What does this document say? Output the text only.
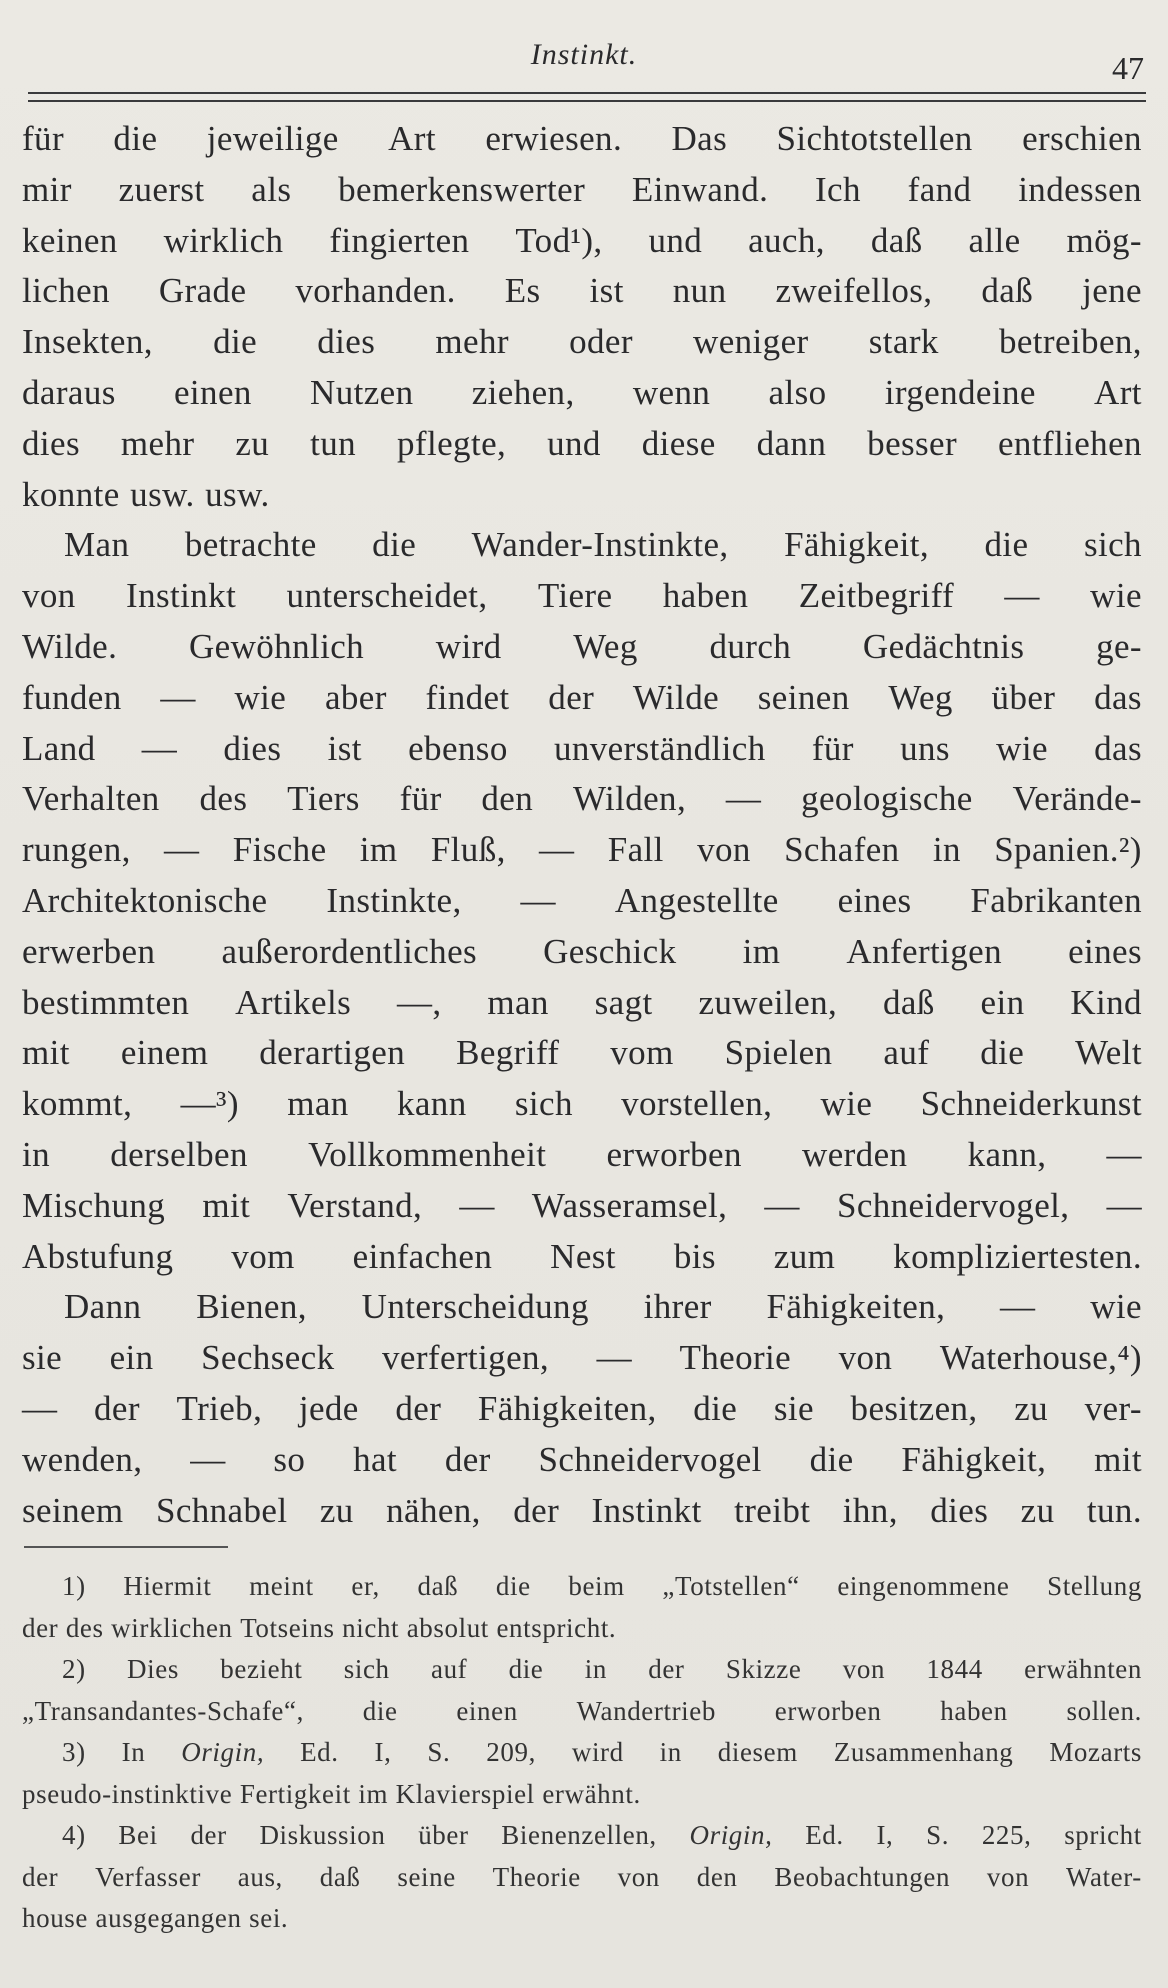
Instinkt.	47
für die jeweilige Art erwiesen. Das Sichtotstellen erschien
mir zuerst als bemerkenswerter Einwand. Ich fand indessen
keinen wirklich fingierten Tod¹), und auch, daß alle mög-
lichen Grade vorhanden. Es ist nun zweifellos, daß jene
Insekten, die dies mehr oder weniger stark betreiben,
daraus einen Nutzen ziehen, wenn also irgendeine Art
dies mehr zu tun pflegte, und diese dann besser entfliehen
konnte usw. usw.
Man betrachte die Wander-Instinkte, Fähigkeit, die sich
von Instinkt unterscheidet, Tiere haben Zeitbegriff — wie
Wilde. Gewöhnlich wird Weg durch Gedächtnis ge-
funden — wie aber findet der Wilde seinen Weg über das
Land — dies ist ebenso unverständlich für uns wie das
Verhalten des Tiers für den Wilden, — geologische Verände-
rungen, — Fische im Fluß, — Fall von Schafen in Spanien.²)
Architektonische Instinkte, — Angestellte eines Fabrikanten
erwerben außerordentliches Geschick im Anfertigen eines
bestimmten Artikels —, man sagt zuweilen, daß ein Kind
mit einem derartigen Begriff vom Spielen auf die Welt
kommt, —³) man kann sich vorstellen, wie Schneiderkunst
in derselben Vollkommenheit erworben werden kann, —
Mischung mit Verstand, — Wasseramsel, — Schneidervogel, —
Abstufung vom einfachen Nest bis zum kompliziertesten.
Dann Bienen, Unterscheidung ihrer Fähigkeiten, — wie
sie ein Sechseck verfertigen, — Theorie von Waterhouse,⁴)
— der Trieb, jede der Fähigkeiten, die sie besitzen, zu ver-
wenden, — so hat der Schneidervogel die Fähigkeit, mit
seinem Schnabel zu nähen, der Instinkt treibt ihn, dies zu tun.
1) Hiermit meint er, daß die beim „Totstellen“ eingenommene Stellung
der des wirklichen Totseins nicht absolut entspricht.
2) Dies bezieht sich auf die in der Skizze von 1844 erwähnten
„Transandantes-Schafe“, die einen Wandertrieb erworben haben sollen.
3) In Origin, Ed. I, S. 209, wird in diesem Zusammenhang Mozarts
pseudo-instinktive Fertigkeit im Klavierspiel erwähnt.
4) Bei der Diskussion über Bienenzellen, Origin, Ed. I, S. 225, spricht
der Verfasser aus, daß seine Theorie von den Beobachtungen von Water-
house ausgegangen sei.
